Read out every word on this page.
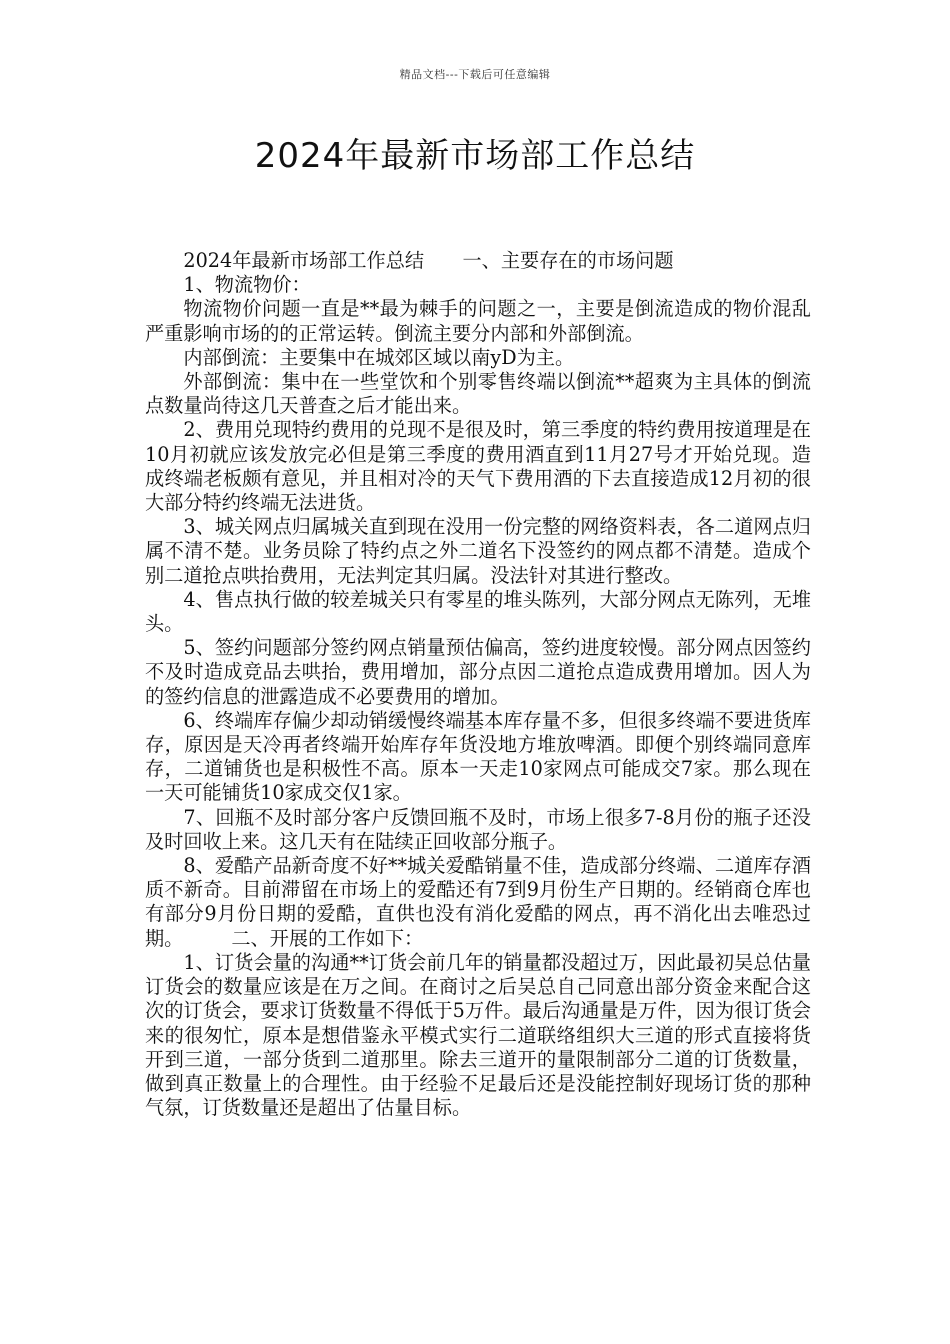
精品文档---下载后可任意编辑
2024年最新市场部工作总结

2024年最新市场部工作总结　　一、主要存在的市场问题

1、物流物价：

物流物价问题一直是**最为棘手的问题之一，主要是倒流造成的物价混乱严重影响市场的的正常运转。倒流主要分内部和外部倒流。

内部倒流：主要集中在城郊区域以南yD为主。

外部倒流：集中在一些堂饮和个别零售终端以倒流**超爽为主具体的倒流点数量尚待这几天普查之后才能出来。

2、费用兑现特约费用的兑现不是很及时，第三季度的特约费用按道理是在10月初就应该发放完必但是第三季度的费用酒直到11月27号才开始兑现。造成终端老板颇有意见，并且相对冷的天气下费用酒的下去直接造成12月初的很大部分特约终端无法进货。

3、城关网点归属城关直到现在没用一份完整的网络资料表，各二道网点归属不清不楚。业务员除了特约点之外二道名下没签约的网点都不清楚。造成个别二道抢点哄抬费用，无法判定其归属。没法针对其进行整改。

4、售点执行做的较差城关只有零星的堆头陈列，大部分网点无陈列，无堆头。

5、签约问题部分签约网点销量预估偏高，签约进度较慢。部分网点因签约不及时造成竞品去哄抬，费用增加，部分点因二道抢点造成费用增加。因人为的签约信息的泄露造成不必要费用的增加。

6、终端库存偏少却动销缓慢终端基本库存量不多，但很多终端不要进货库存，原因是天冷再者终端开始库存年货没地方堆放啤酒。即便个别终端同意库存，二道铺货也是积极性不高。原本一天走10家网点可能成交7家。那么现在一天可能铺货10家成交仅1家。

7、回瓶不及时部分客户反馈回瓶不及时，市场上很多7-8月份的瓶子还没及时回收上来。这几天有在陆续正回收部分瓶子。

8、爱酷产品新奇度不好**城关爱酷销量不佳，造成部分终端、二道库存酒质不新奇。目前滞留在市场上的爱酷还有7到9月份生产日期的。经销商仓库也有部分9月份日期的爱酷，直供也没有消化爱酷的网点，再不消化出去唯恐过期。　　　二、开展的工作如下：

1、订货会量的沟通**订货会前几年的销量都没超过万，因此最初吴总估量订货会的数量应该是在万之间。在商讨之后吴总自己同意出部分资金来配合这次的订货会，要求订货数量不得低于5万件。最后沟通量是万件，因为很订货会来的很匆忙，原本是想借鉴永平模式实行二道联络组织大三道的形式直接将货开到三道，一部分货到二道那里。除去三道开的量限制部分二道的订货数量，做到真正数量上的合理性。由于经验不足最后还是没能控制好现场订货的那种气氛，订货数量还是超出了估量目标。
